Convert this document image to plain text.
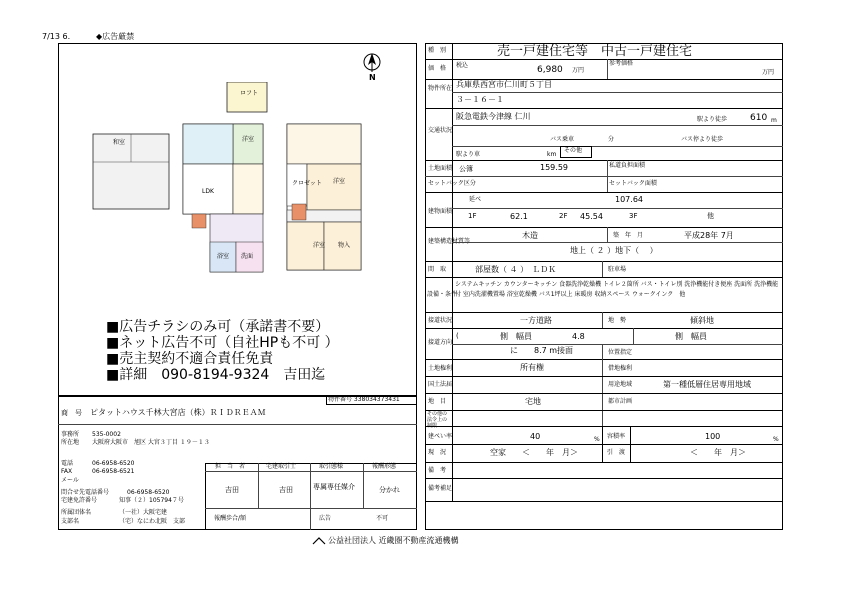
7/13 6.	◆広告厳禁
N
ロフト
和室	洋室
LDK
洋室
クロゼット
洋室 物入
浴室 洗面
■広告チラシのみ可（承諾書不要）
■ネット広告不可（自社HPも不可 ）
■売主契約不適合責任免責
■詳細　090-8194-9324　吉田迄
物件番号 338034373431
商　号 ピタットハウス千林大宮店（株）ＲＩＤＲＥＡＭ
事務所 535-0002
所在地 大阪府大阪市　旭区 大宮３丁目 １９－１３
電話	06-6958-6520
FAX	06-6958-6521
メール
問合せ先電話番号	06-6958-6520
宅建免許番号	知事（２）105794７号
所属団体名	（一社）大阪宅建
支部名	（宅）なにわ北阪　支部
担　当　者	宅建取引士	取引態様	報酬形態
吉田	吉田	専属専任媒介	分かれ
報酬歩合/額	広告	不可
種　別	売一戸建住宅等　中古一戸建住宅
価　格 税込	6,980 万円
参考価格
万円
物件所在 兵庫県西宮市仁川町５丁目
３－１６－１
交通状況
阪急電鉄今津線 仁川	駅より徒歩	610 m
バス乗車	分	バス停より徒歩
駅より車	km
その他
土地面積 公簿	159.59	私道負担面積
セットバック区分	セットバック面積
建物面積
延べ	107.64
1F	62.1	2F 45.54	3F	他
建築構造材質等
木造	築　年　月	平成28年 7月
地上（ ２ ）地下（　 ）
間　取	部屋数（ ４ ）　ＬＤＫ	駐車場
設備・条件
システムキッチン カウンターキッチン 食器洗浄乾燥機 トイレ２箇所 バス・トイレ別 洗浄機能付き便座 洗面所 洗浄機能付 室内洗濯機置場 浴室乾燥機 バス1坪以上 床暖房 収納スペース ウォークインク　他
接道状況	一方道路	地　勢	傾斜地
接道方向
(	側　幅員	4.8	側　幅員
に　　8.7 m接面	位置指定
土地権利	所有権	借地権利
国土法届	用途地域	第一種低層住居専用地域
地　目	宅地	都市計画
その他の法令上の制限
建ぺい率	40	% 容積率	100	%
現　況	空家　　＜　　年　月＞	引　渡	＜　　年　月＞
備　考
備考補足
公益社団法人 近畿圏不動産流通機構
